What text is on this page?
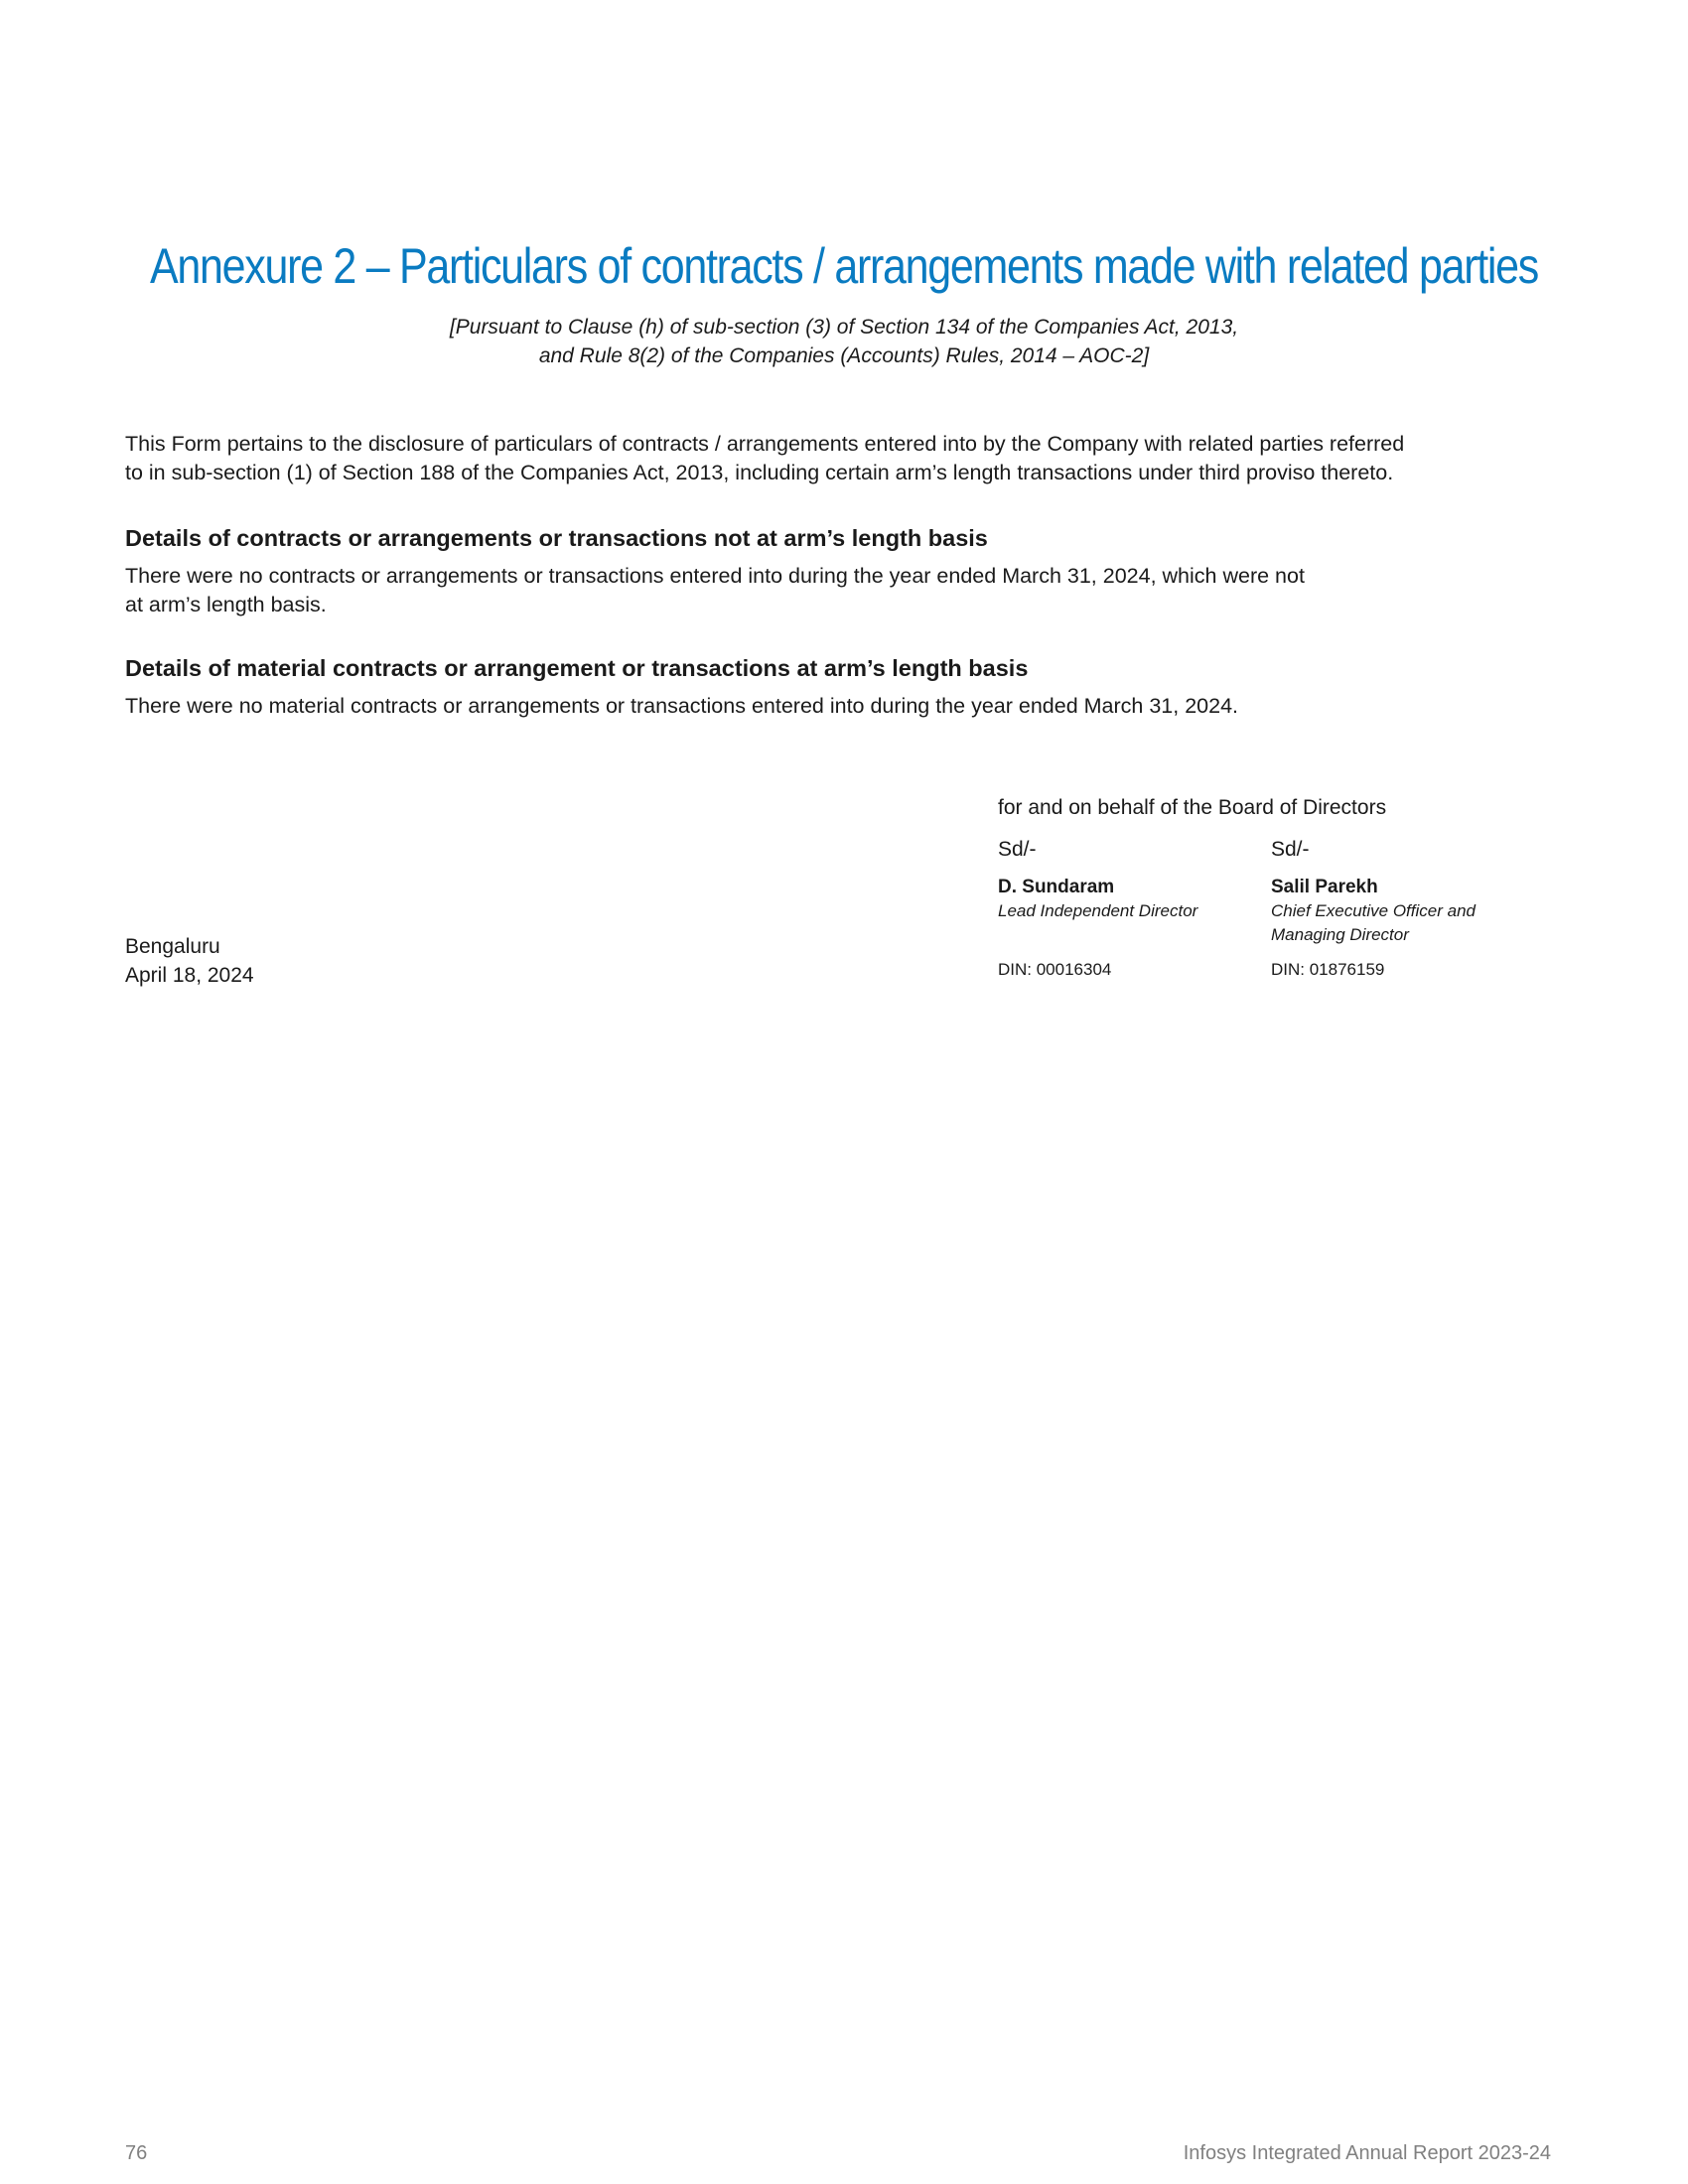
Annexure 2 – Particulars of contracts / arrangements made with related parties
[Pursuant to Clause (h) of sub-section (3) of Section 134 of the Companies Act, 2013,
and Rule 8(2) of the Companies (Accounts) Rules, 2014 – AOC-2]
This Form pertains to the disclosure of particulars of contracts / arrangements entered into by the Company with related parties referred
to in sub-section (1) of Section 188 of the Companies Act, 2013, including certain arm’s length transactions under third proviso thereto.
Details of contracts or arrangements or transactions not at arm’s length basis
There were no contracts or arrangements or transactions entered into during the year ended March 31, 2024, which were not
at arm’s length basis.
Details of material contracts or arrangement or transactions at arm’s length basis
There were no material contracts or arrangements or transactions entered into during the year ended March 31, 2024.
for and on behalf of the Board of Directors
Sd/-
D. Sundaram
Lead Independent Director
DIN: 00016304
Sd/-
Salil Parekh
Chief Executive Officer and
Managing Director
DIN: 01876159
Bengaluru
April 18, 2024
76	Infosys Integrated Annual Report 2023-24
